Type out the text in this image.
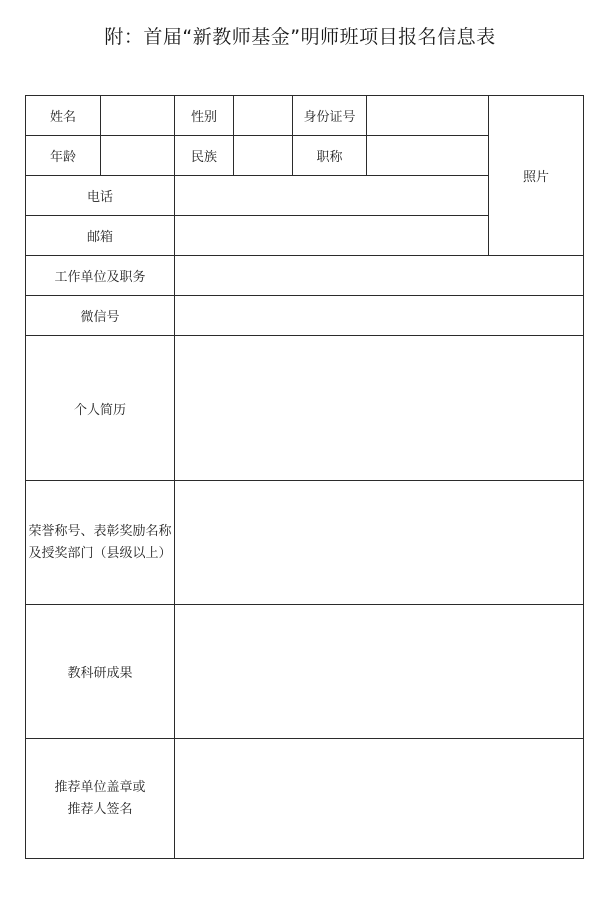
附：首届“新教师基金”明师班项目报名信息表
姓名		性别		身份证号		照片
年龄		民族		职称		
电话						
邮箱						
工作单位及职务						
微信号						
个人简历						
荣誉称号、表彰奖励名称及授奖部门（县级以上）						
教科研成果						

推荐单位盖章或
推荐人签名						
